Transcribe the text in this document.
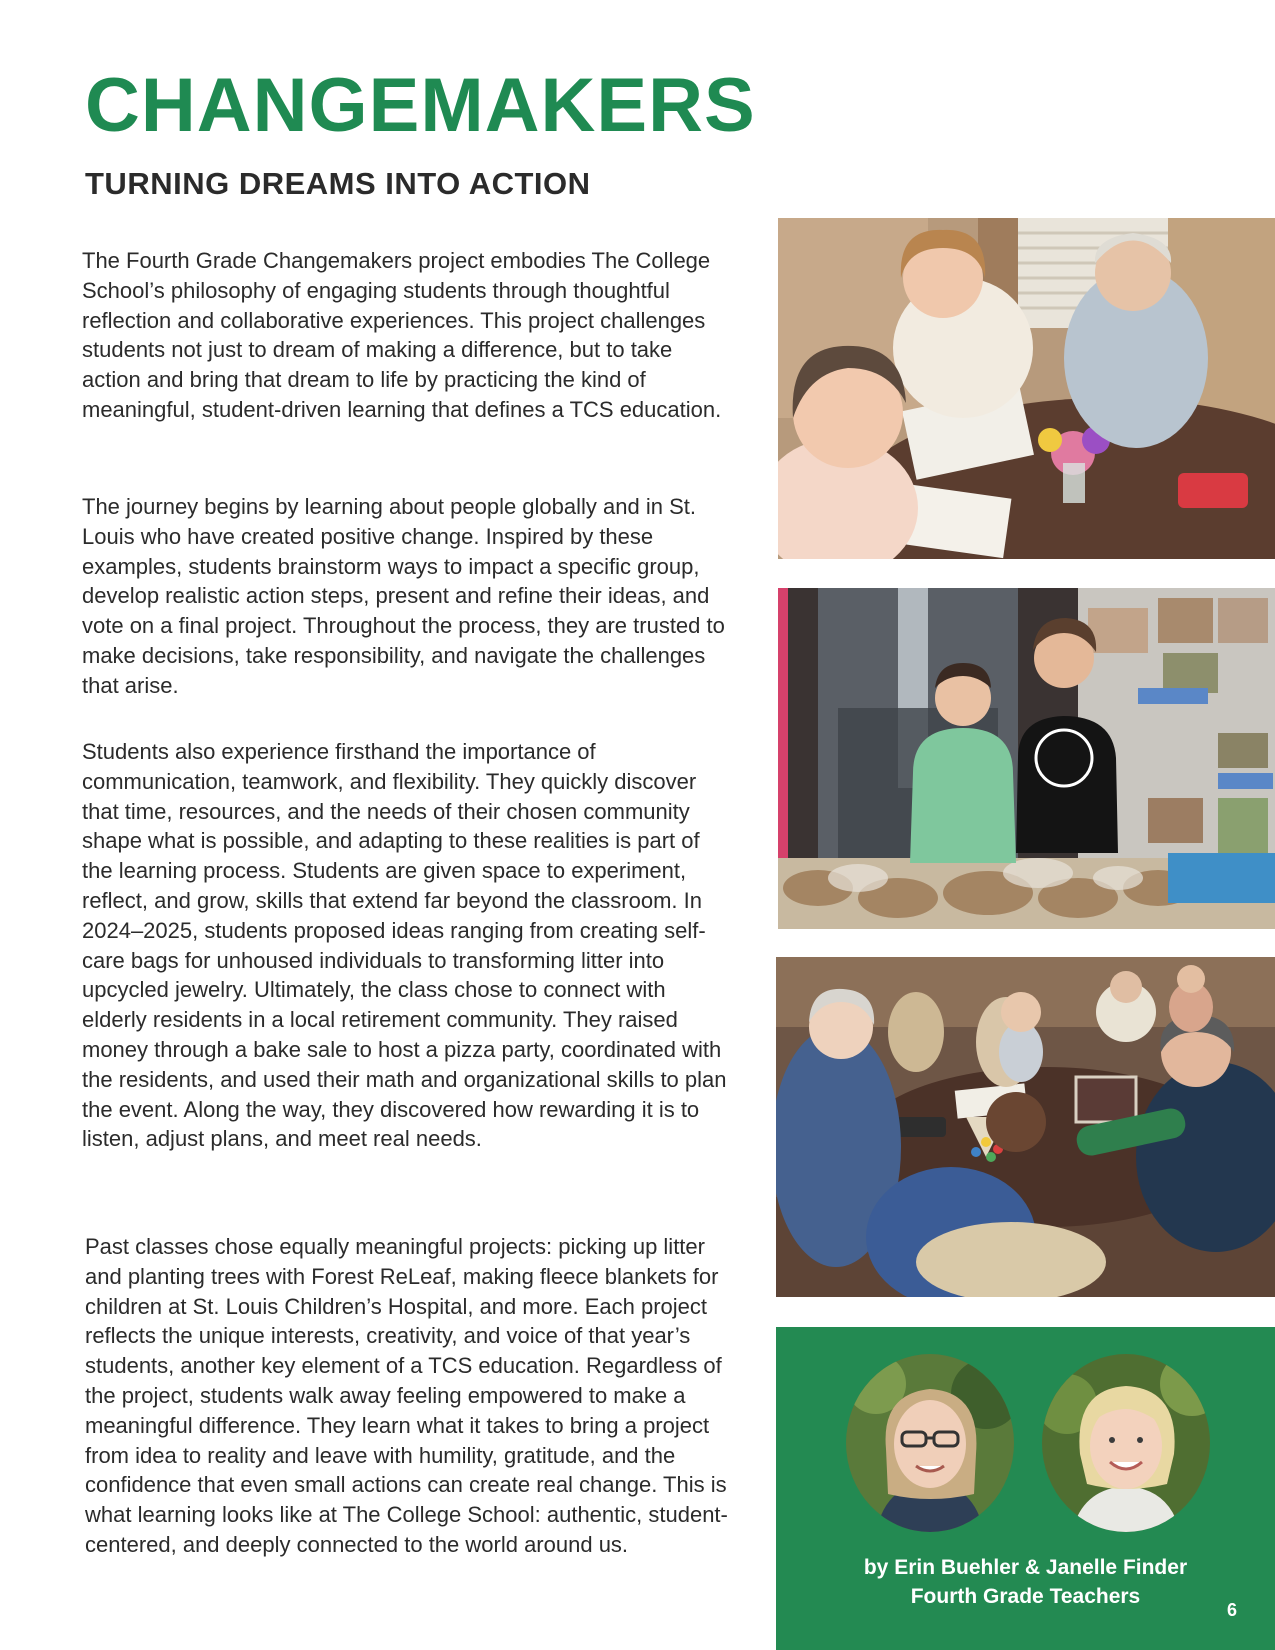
CHANGEMAKERS
TURNING DREAMS INTO ACTION

The Fourth Grade Changemakers project embodies The College School’s philosophy of engaging students through thoughtful reflection and collaborative experiences. This project challenges students not just to dream of making a difference, but to take action and bring that dream to life by practicing the kind of meaningful, student-driven learning that defines a TCS education.

The journey begins by learning about people globally and in St. Louis who have created positive change. Inspired by these examples, students brainstorm ways to impact a specific group, develop realistic action steps, present and refine their ideas, and vote on a final project. Throughout the process, they are trusted to make decisions, take responsibility, and navigate the challenges that arise.

Students also experience firsthand the importance of communication, teamwork, and flexibility. They quickly discover that time, resources, and the needs of their chosen community shape what is possible, and adapting to these realities is part of the learning process. Students are given space to experiment, reflect, and grow, skills that extend far beyond the classroom. In 2024–2025, students proposed ideas ranging from creating self-care bags for unhoused individuals to transforming litter into upcycled jewelry. Ultimately, the class chose to connect with elderly residents in a local retirement community. They raised money through a bake sale to host a pizza party, coordinated with the residents, and used their math and organizational skills to plan the event. Along the way, they discovered how rewarding it is to listen, adjust plans, and meet real needs.

Past classes chose equally meaningful projects: picking up litter and planting trees with Forest ReLeaf, making fleece blankets for children at St. Louis Children’s Hospital, and more. Each project reflects the unique interests, creativity, and voice of that year’s students, another key element of a TCS education. Regardless of the project, students walk away feeling empowered to make a meaningful difference. They learn what it takes to bring a project from idea to reality and leave with humility, gratitude, and the confidence that even small actions can create real change. This is what learning looks like at The College School: authentic, student-centered, and deeply connected to the world around us.

by Erin Buehler & Janelle Finder

Fourth Grade Teachers

6
